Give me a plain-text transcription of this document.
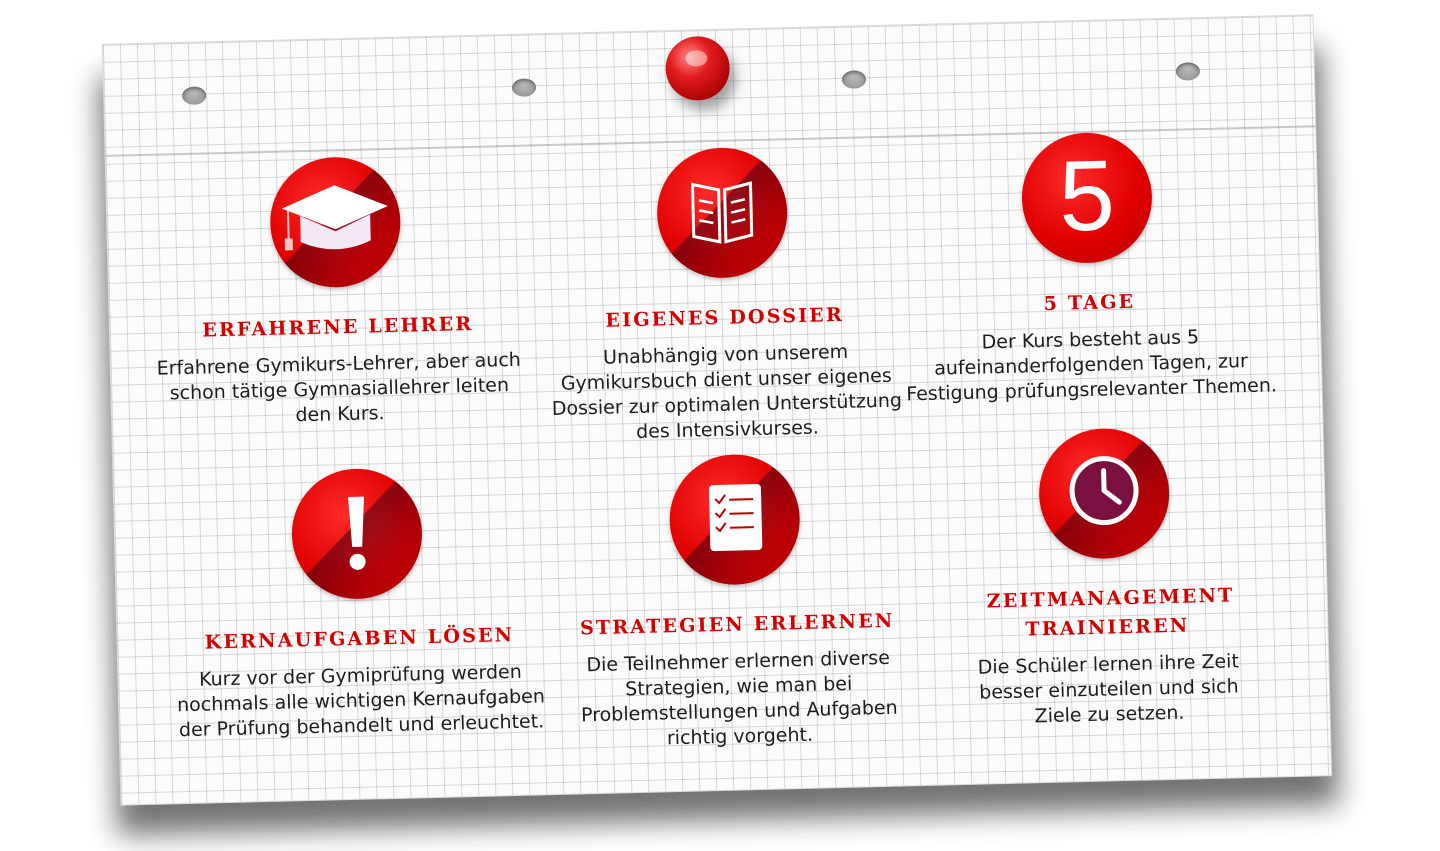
ERFAHRENE LEHRER
Erfahrene Gymikurs-Lehrer, aber auch schon tätige Gymnasiallehrer leiten den Kurs.
EIGENES DOSSIER
Unabhängig von unserem Gymikursbuch dient unser eigenes Dossier zur optimalen Unterstützung des Intensivkurses.
5
5 TAGE
Der Kurs besteht aus 5 aufeinanderfolgenden Tagen, zur Festigung prüfungsrelevanter Themen.
KERNAUFGABEN LÖSEN
Kurz vor der Gymiprüfung werden nochmals alle wichtigen Kernaufgaben der Prüfung behandelt und erleuchtet.
STRATEGIEN ERLERNEN
Die Teilnehmer erlernen diverse Strategien, wie man bei Problemstellungen und Aufgaben richtig vorgeht.
ZEITMANAGEMENT TRAINIEREN
Die Schüler lernen ihre Zeit besser einzuteilen und sich Ziele zu setzen.
